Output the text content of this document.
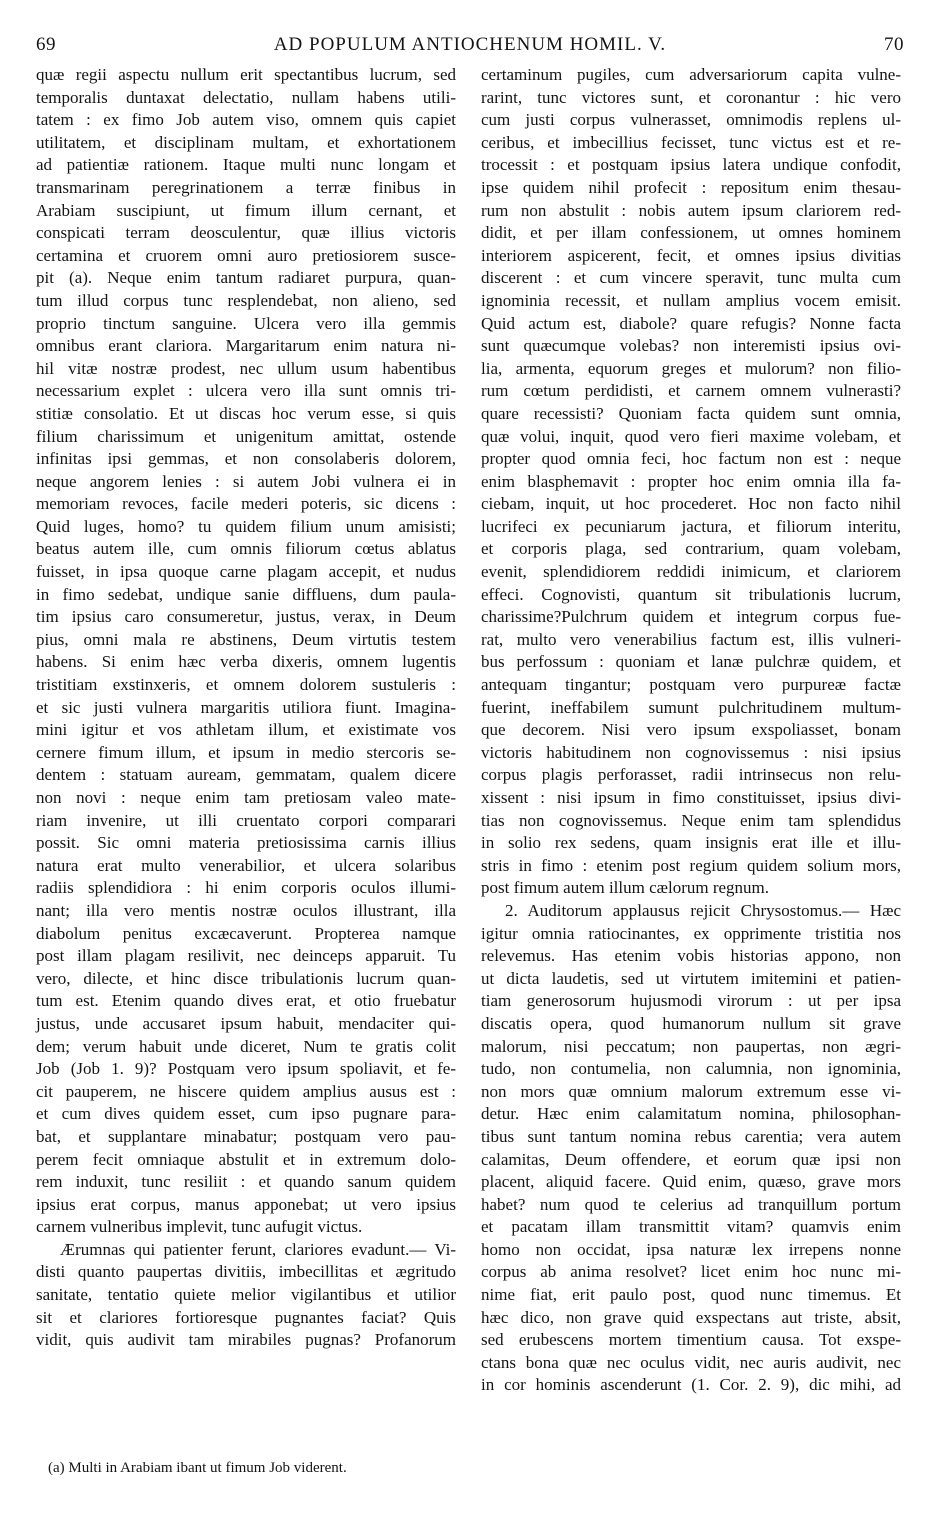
69	AD POPULUM ANTIOCHENUM HOMIL. V.	70
quæ regii aspectu nullum erit spectantibus lucrum, sed
temporalis duntaxat delectatio, nullam habens utili-
tatem : ex fimo Job autem viso, omnem quis capiet
utilitatem, et disciplinam multam, et exhortationem
ad patientiæ rationem. Itaque multi nunc longam et
transmarinam peregrinationem a terræ finibus in
Arabiam suscipiunt, ut fimum illum cernant, et
conspicati terram deosculentur, quæ illius victoris
certamina et cruorem omni auro pretiosiorem susce-
pit (a). Neque enim tantum radiaret purpura, quan-
tum illud corpus tunc resplendebat, non alieno, sed
proprio tinctum sanguine. Ulcera vero illa gemmis
omnibus erant clariora. Margaritarum enim natura ni-
hil vitæ nostræ prodest, nec ullum usum habentibus
necessarium explet : ulcera vero illa sunt omnis tri-
stitiæ consolatio. Et ut discas hoc verum esse, si quis
filium charissimum et unigenitum amittat, ostende
infinitas ipsi gemmas, et non consolaberis dolorem,
neque angorem lenies : si autem Jobi vulnera ei in
memoriam revoces, facile mederi poteris, sic dicens :
Quid luges, homo? tu quidem filium unum amisisti;
beatus autem ille, cum omnis filiorum cœtus ablatus
fuisset, in ipsa quoque carne plagam accepit, et nudus
in fimo sedebat, undique sanie diffluens, dum paula-
tim ipsius caro consumeretur, justus, verax, in Deum
pius, omni mala re abstinens, Deum virtutis testem
habens. Si enim hæc verba dixeris, omnem lugentis
tristitiam exstinxeris, et omnem dolorem sustuleris :
et sic justi vulnera margaritis utiliora fiunt. Imagina-
mini igitur et vos athletam illum, et existimate vos
cernere fimum illum, et ipsum in medio stercoris se-
dentem : statuam auream, gemmatam, qualem dicere
non novi : neque enim tam pretiosam valeo mate-
riam invenire, ut illi cruentato corpori comparari
possit. Sic omni materia pretiosissima carnis illius
natura erat multo venerabilior, et ulcera solaribus
radiis splendidiora : hi enim corporis oculos illumi-
nant; illa vero mentis nostræ oculos illustrant, illa
diabolum penitus excæcaverunt. Propterea namque
post illam plagam resilivit, nec deinceps apparuit. Tu
vero, dilecte, et hinc disce tribulationis lucrum quan-
tum est. Etenim quando dives erat, et otio fruebatur
justus, unde accusaret ipsum habuit, mendaciter qui-
dem; verum habuit unde diceret, Num te gratis colit
Job (Job 1. 9)? Postquam vero ipsum spoliavit, et fe-
cit pauperem, ne hiscere quidem amplius ausus est :
et cum dives quidem esset, cum ipso pugnare para-
bat, et supplantare minabatur; postquam vero pau-
perem fecit omniaque abstulit et in extremum dolo-
rem induxit, tunc resiliit : et quando sanum quidem
ipsius erat corpus, manus apponebat; ut vero ipsius
carnem vulneribus implevit, tunc aufugit victus.
Ærumnas qui patienter ferunt, clariores evadunt.— Vi-
disti quanto paupertas divitiis, imbecillitas et ægritudo
sanitate, tentatio quiete melior vigilantibus et utilior
sit et clariores fortioresque pugnantes faciat? Quis
vidit, quis audivit tam mirabiles pugnas? Profanorum
certaminum pugiles, cum adversariorum capita vulne-
rarint, tunc victores sunt, et coronantur : hic vero
cum justi corpus vulnerasset, omnimodis replens ul-
ceribus, et imbecillius fecisset, tunc victus est et re-
trocessit : et postquam ipsius latera undique confodit,
ipse quidem nihil profecit : repositum enim thesau-
rum non abstulit : nobis autem ipsum clariorem red-
didit, et per illam confessionem, ut omnes hominem
interiorem aspicerent, fecit, et omnes ipsius divitias
discerent : et cum vincere speravit, tunc multa cum
ignominia recessit, et nullam amplius vocem emisit.
Quid actum est, diabole? quare refugis? Nonne facta
sunt quæcumque volebas? non interemisti ipsius ovi-
lia, armenta, equorum greges et mulorum? non filio-
rum cœtum perdidisti, et carnem omnem vulnerasti?
quare recessisti? Quoniam facta quidem sunt omnia,
quæ volui, inquit, quod vero fieri maxime volebam, et
propter quod omnia feci, hoc factum non est : neque
enim blasphemavit : propter hoc enim omnia illa fa-
ciebam, inquit, ut hoc procederet. Hoc non facto nihil
lucrifeci ex pecuniarum jactura, et filiorum interitu,
et corporis plaga, sed contrarium, quam volebam,
evenit, splendidiorem reddidi inimicum, et clariorem
effeci. Cognovisti, quantum sit tribulationis lucrum,
charissime?Pulchrum quidem et integrum corpus fue-
rat, multo vero venerabilius factum est, illis vulneri-
bus perfossum : quoniam et lanæ pulchræ quidem, et
antequam tingantur; postquam vero purpureæ factæ
fuerint, ineffabilem sumunt pulchritudinem multum-
que decorem. Nisi vero ipsum exspoliasset, bonam
victoris habitudinem non cognovissemus : nisi ipsius
corpus plagis perforasset, radii intrinsecus non relu-
xissent : nisi ipsum in fimo constituisset, ipsius divi-
tias non cognovissemus. Neque enim tam splendidus
in solio rex sedens, quam insignis erat ille et illu-
stris in fimo : etenim post regium quidem solium mors,
post fimum autem illum cælorum regnum.
2. Auditorum applausus rejicit Chrysostomus.— Hæc
igitur omnia ratiocinantes, ex opprimente tristitia nos
relevemus. Has etenim vobis historias appono, non
ut dicta laudetis, sed ut virtutem imitemini et patien-
tiam generosorum hujusmodi virorum : ut per ipsa
discatis opera, quod humanorum nullum sit grave
malorum, nisi peccatum; non paupertas, non ægri-
tudo, non contumelia, non calumnia, non ignominia,
non mors quæ omnium malorum extremum esse vi-
detur. Hæc enim calamitatum nomina, philosophan-
tibus sunt tantum nomina rebus carentia; vera autem
calamitas, Deum offendere, et eorum quæ ipsi non
placent, aliquid facere. Quid enim, quæso, grave mors
habet? num quod te celerius ad tranquillum portum
et pacatam illam transmittit vitam? quamvis enim
homo non occidat, ipsa naturæ lex irrepens nonne
corpus ab anima resolvet? licet enim hoc nunc mi-
nime fiat, erit paulo post, quod nunc timemus. Et
hæc dico, non grave quid exspectans aut triste, absit,
sed erubescens mortem timentium causa. Tot exspe-
ctans bona quæ nec oculus vidit, nec auris audivit, nec
in cor hominis ascenderunt (1. Cor. 2. 9), dic mihi, ad
(a) Multi in Arabiam ibant ut fimum Job viderent.
